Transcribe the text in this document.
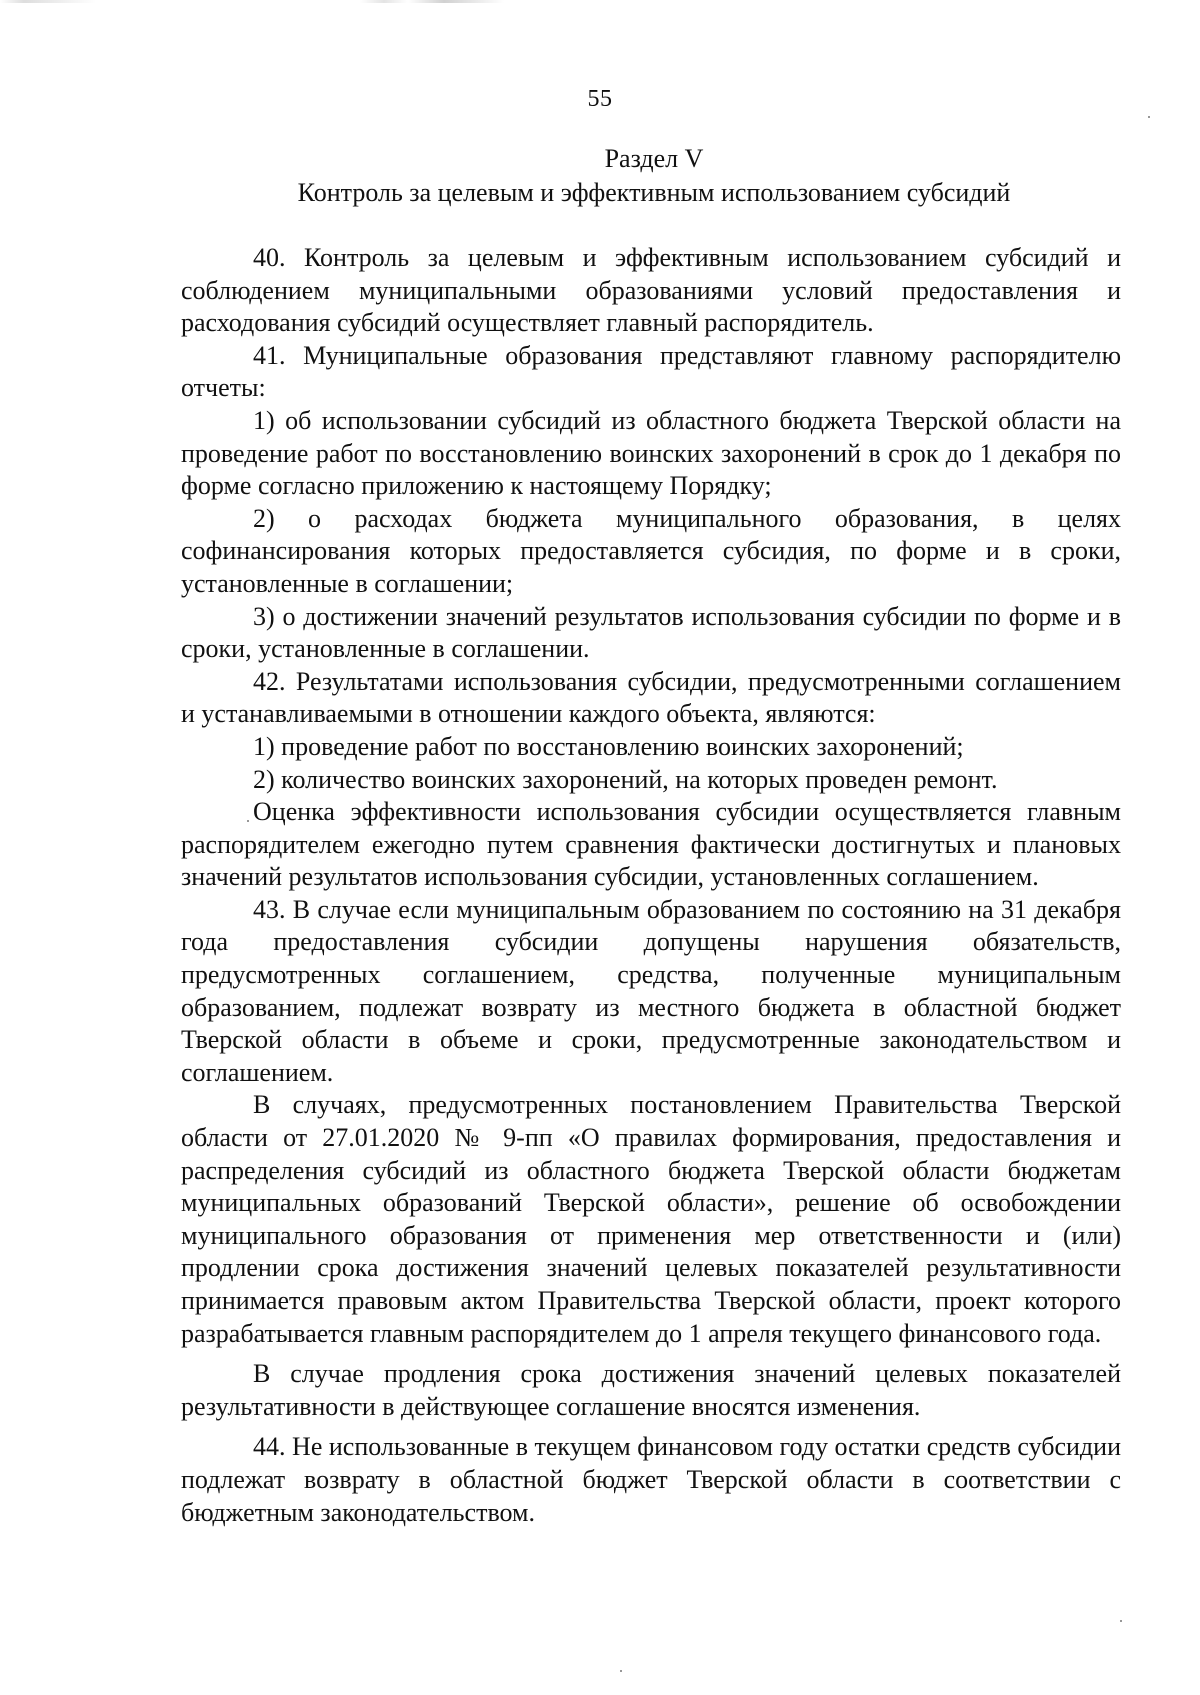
55
Раздел V
Контроль за целевым и эффективным использованием субсидий

40. Контроль за целевым и эффективным использованием субсидий и соблюдением муниципальными образованиями условий предоставления и расходования субсидий осуществляет главный распорядитель.

41. Муниципальные образования представляют главному распорядителю отчеты:

1) об использовании субсидий из областного бюджета Тверской области на проведение работ по восстановлению воинских захоронений в срок до 1 декабря по форме согласно приложению к настоящему Порядку;

2) о расходах бюджета муниципального образования, в целях софинансирования которых предоставляется субсидия, по форме и в сроки, установленные в соглашении;

3) о достижении значений результатов использования субсидии по форме и в сроки, установленные в соглашении.

42. Результатами использования субсидии, предусмотренными соглашением и устанавливаемыми в отношении каждого объекта, являются:

1) проведение работ по восстановлению воинских захоронений;

2) количество воинских захоронений, на которых проведен ремонт.

Оценка эффективности использования субсидии осуществляется главным распорядителем ежегодно путем сравнения фактически достигнутых и плановых значений результатов использования субсидии, установленных соглашением.

43. В случае если муниципальным образованием по состоянию на 31 декабря года предоставления субсидии допущены нарушения обязательств, предусмотренных соглашением, средства, полученные муниципальным образованием, подлежат возврату из местного бюджета в областной бюджет Тверской области в объеме и сроки, предусмотренные законодательством и соглашением.

В случаях, предусмотренных постановлением Правительства Тверской области от 27.01.2020 № 9-пп «О правилах формирования, предоставления и распределения субсидий из областного бюджета Тверской области бюджетам муниципальных образований Тверской области», решение об освобождении муниципального образования от применения мер ответственности и (или) продлении срока достижения значений целевых показателей результативности принимается правовым актом Правительства Тверской области, проект которого разрабатывается главным распорядителем до 1 апреля текущего финансового года.

В случае продления срока достижения значений целевых показателей результативности в действующее соглашение вносятся изменения.

44. Не использованные в текущем финансовом году остатки средств субсидии подлежат возврату в областной бюджет Тверской области в соответствии с бюджетным законодательством.
